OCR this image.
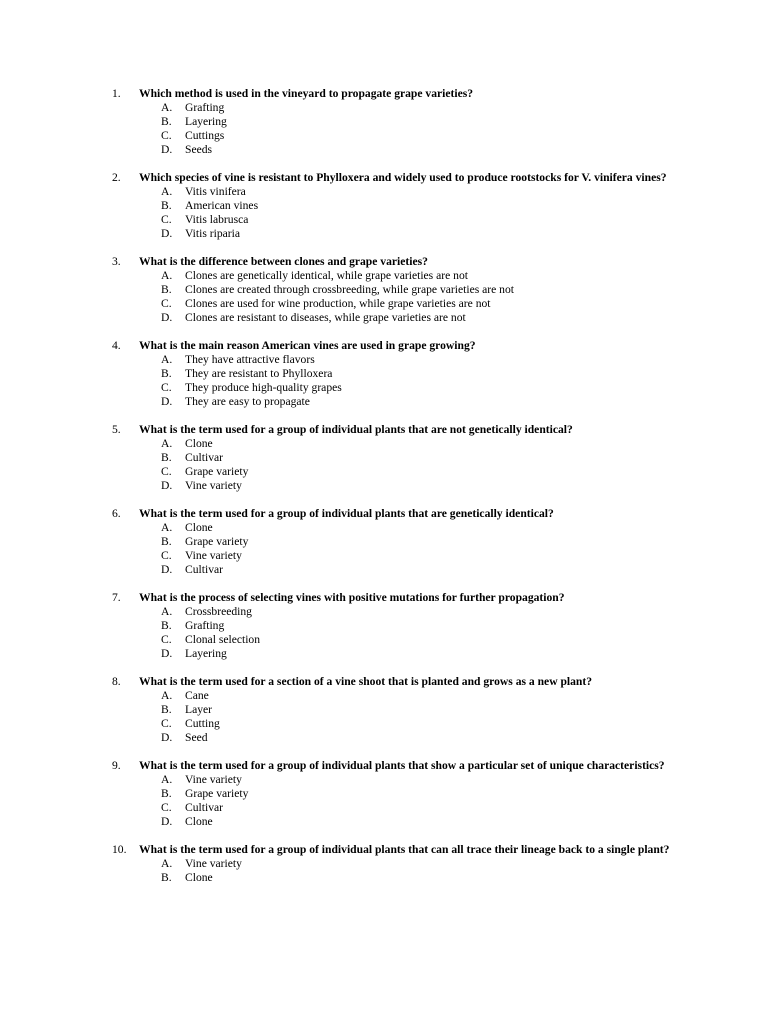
1.	Which method is used in the vineyard to propagate grape varieties?
A. Grafting
B. Layering
C. Cuttings
D. Seeds
2.	Which species of vine is resistant to Phylloxera and widely used to produce rootstocks for V. vinifera vines?
A. Vitis vinifera
B. American vines
C. Vitis labrusca
D. Vitis riparia
3.	What is the difference between clones and grape varieties?
A. Clones are genetically identical, while grape varieties are not
B. Clones are created through crossbreeding, while grape varieties are not
C. Clones are used for wine production, while grape varieties are not
D. Clones are resistant to diseases, while grape varieties are not
4.	What is the main reason American vines are used in grape growing?
A. They have attractive flavors
B. They are resistant to Phylloxera
C. They produce high-quality grapes
D. They are easy to propagate
5.	What is the term used for a group of individual plants that are not genetically identical?
A. Clone
B. Cultivar
C. Grape variety
D. Vine variety
6.	What is the term used for a group of individual plants that are genetically identical?
A. Clone
B. Grape variety
C. Vine variety
D. Cultivar
7.	What is the process of selecting vines with positive mutations for further propagation?
A. Crossbreeding
B. Grafting
C. Clonal selection
D. Layering
8.	What is the term used for a section of a vine shoot that is planted and grows as a new plant?
A. Cane
B. Layer
C. Cutting
D. Seed
9.	What is the term used for a group of individual plants that show a particular set of unique characteristics?
A. Vine variety
B. Grape variety
C. Cultivar
D. Clone
10.	What is the term used for a group of individual plants that can all trace their lineage back to a single plant?
A. Vine variety
B. Clone
